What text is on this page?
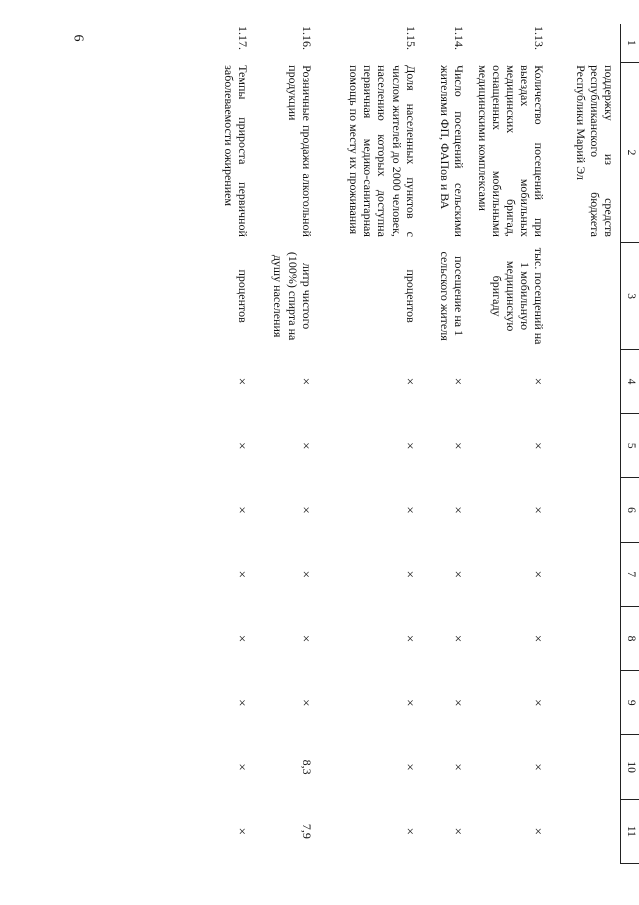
6
1	2	3	4	5	6	7	8	9	10	11
	поддержку из средств республиканского бюджета Республики Марий Эл									
1.13.	Количество посещений при выездах мобильных медицинских бригад, оснащенных мобильными медицинскими комплексами	тыс. посещений на 1 мобильную медицинскую бригаду	×	×	×	×	×	×	×	×
1.14.	Число посещений сельскими жителями ФП, ФАПов и ВА	посещение на 1 сельского жителя	×	×	×	×	×	×	×	×
1.15.	Доля населенных пунктов с числом жителей до 2000 человек, населению которых доступна первичная медико-санитарная помощь по месту их проживания	процентов	×	×	×	×	×	×	×	×
1.16.	Розничные продажи алкогольной продукции	литр чистого (100%) спирта на душу населения	×	×	×	×	×	×	8,3	7,9
1.17.	Темпы прироста первичной заболеваемости ожирением	процентов	×	×	×	×	×	×	×	×
